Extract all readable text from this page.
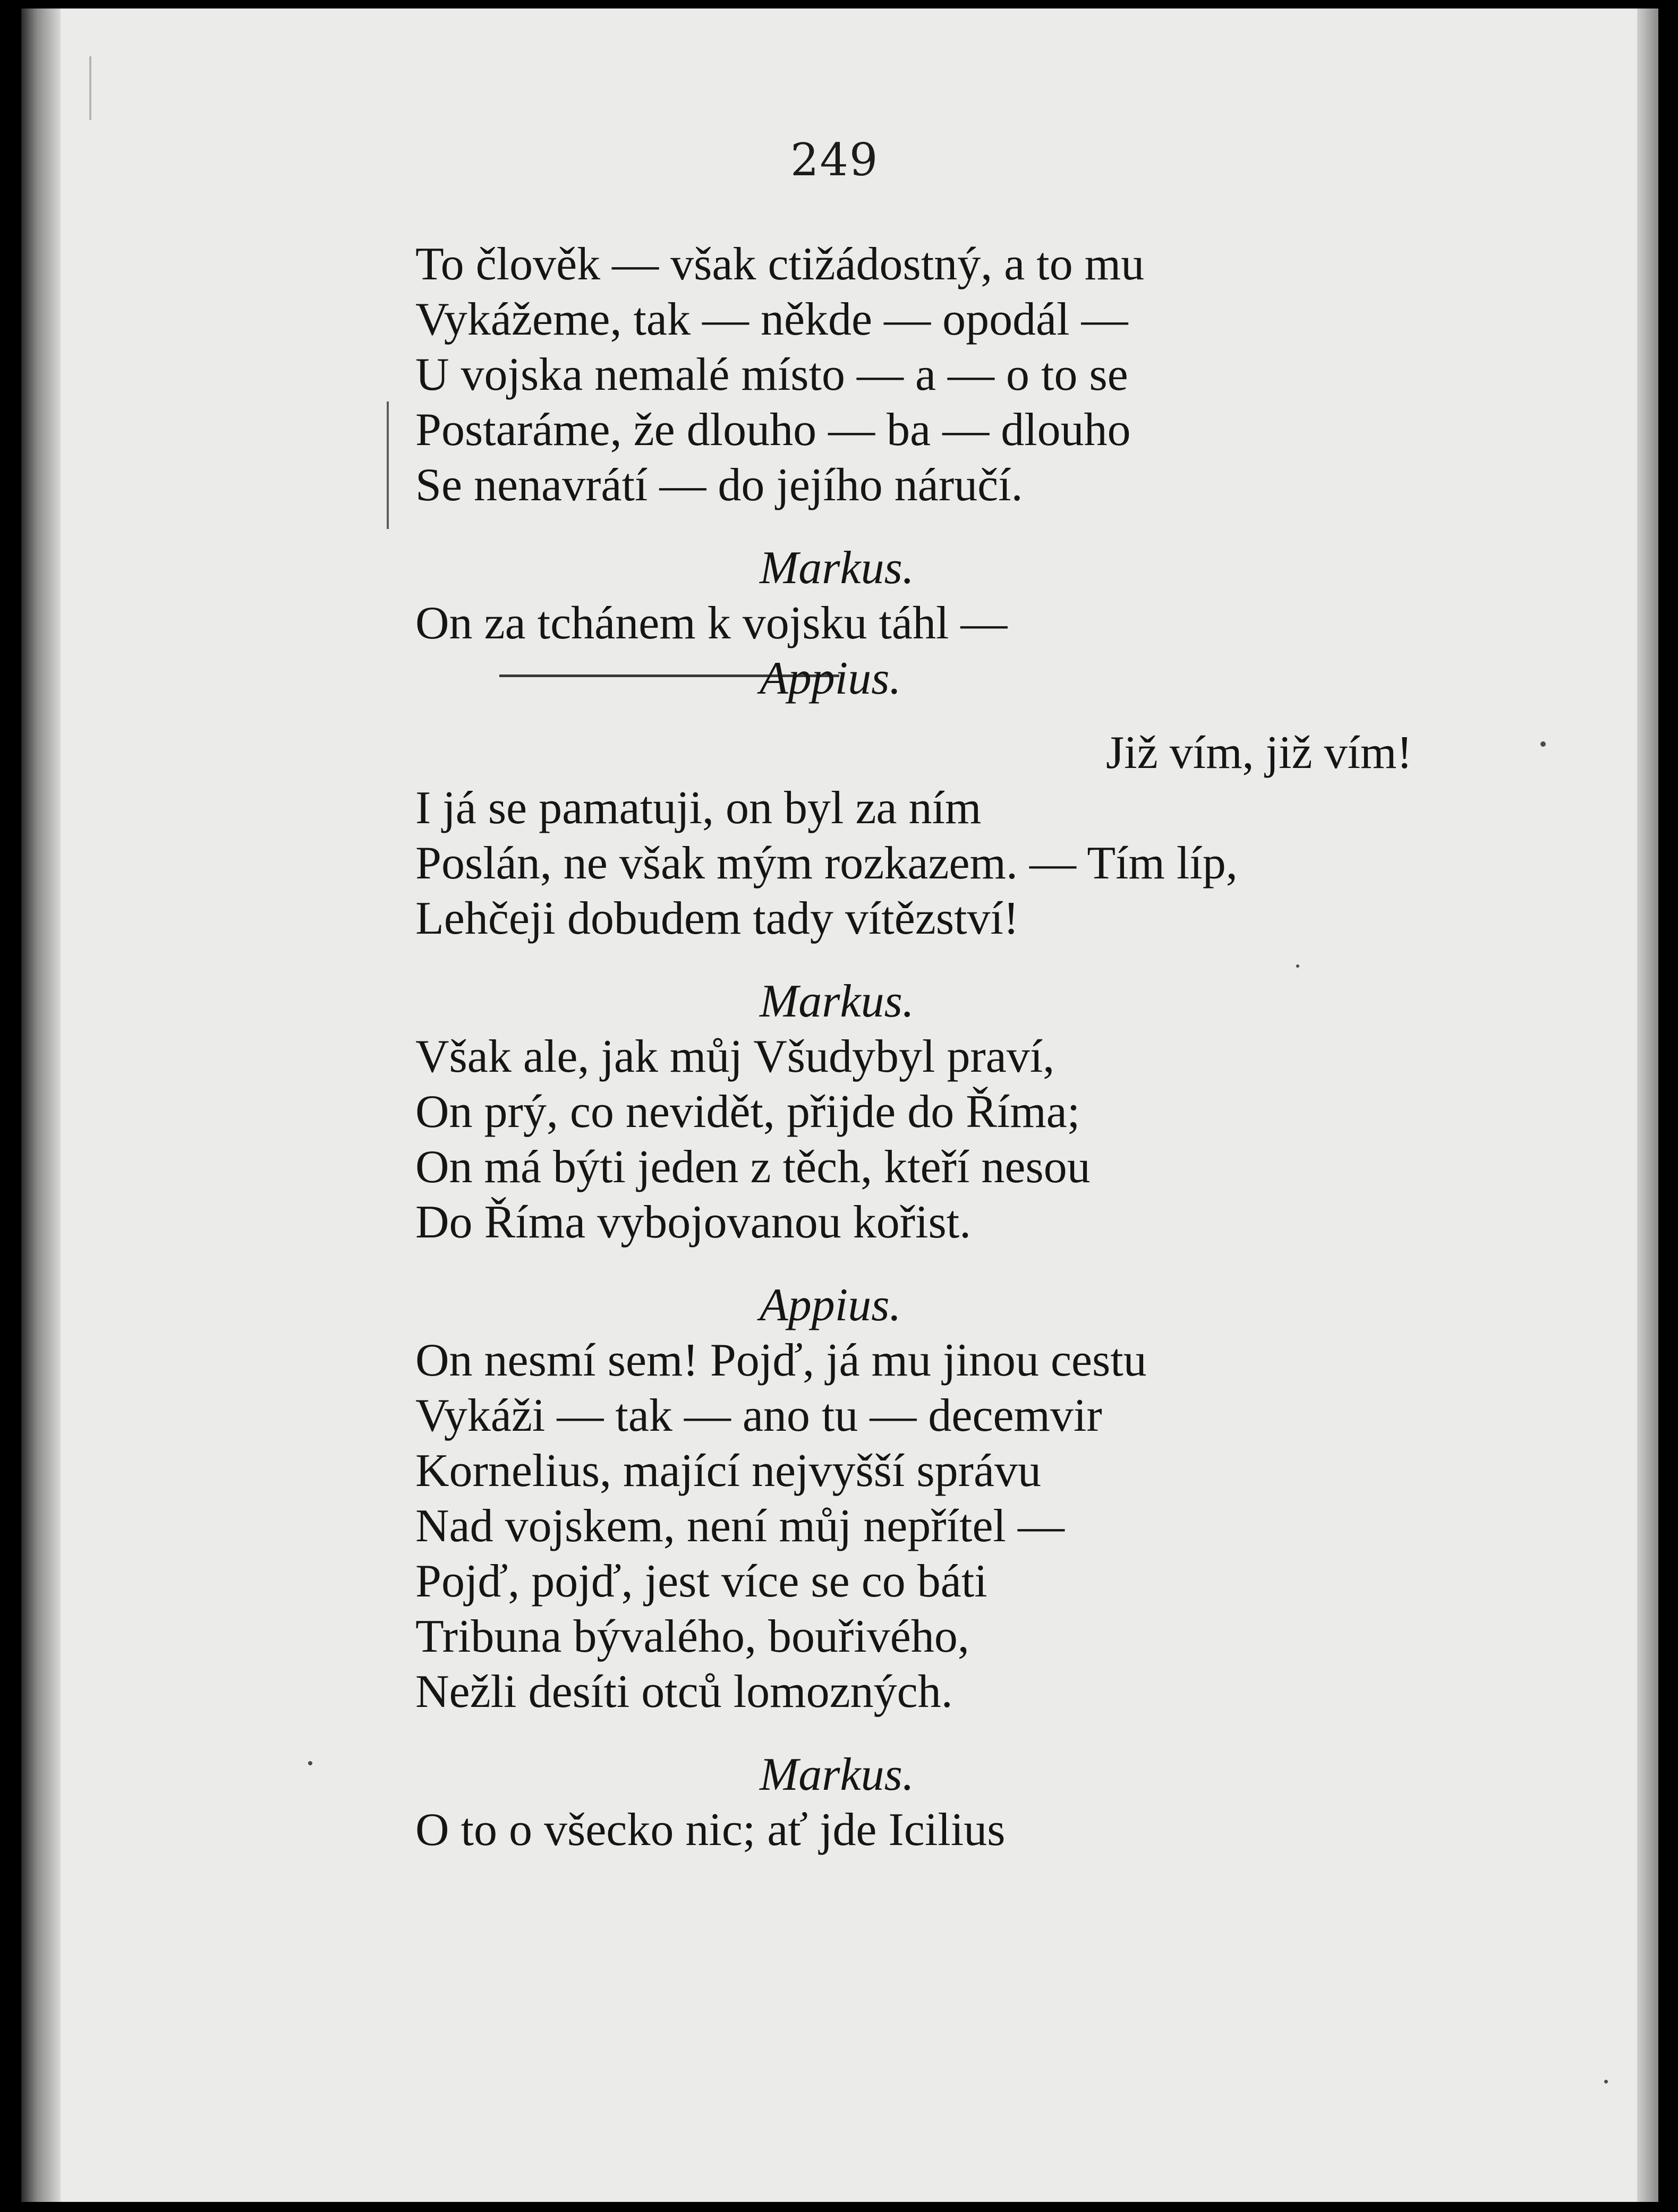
249
To člověk — však ctižádostný, a to mu
Vykážeme, tak — někde — opodál —
U vojska nemalé místo — a — o to se
Postaráme, že dlouho — ba — dlouho
Se nenavrátí — do jejího náručí.
Markus.
On za tchánem k vojsku táhl —
Appius.
Již vím, již vím!
I já se pamatuji, on byl za ním
Poslán, ne však mým rozkazem. — Tím líp,
Lehčeji dobudem tady vítězství!
Markus.
Však ale, jak můj Všudybyl praví,
On prý, co nevidět, přijde do Říma;
On má býti jeden z těch, kteří nesou
Do Říma vybojovanou kořist.
Appius.
On nesmí sem! Pojď, já mu jinou cestu
Vykáži — tak — ano tu — decemvir
Kornelius, mající nejvyšší správu
Nad vojskem, není můj nepřítel —
Pojď, pojď, jest více se co báti
Tribuna bývalého, bouřivého,
Nežli desíti otců lomozných.
Markus.
O to o všecko nic; ať jde Icilius
